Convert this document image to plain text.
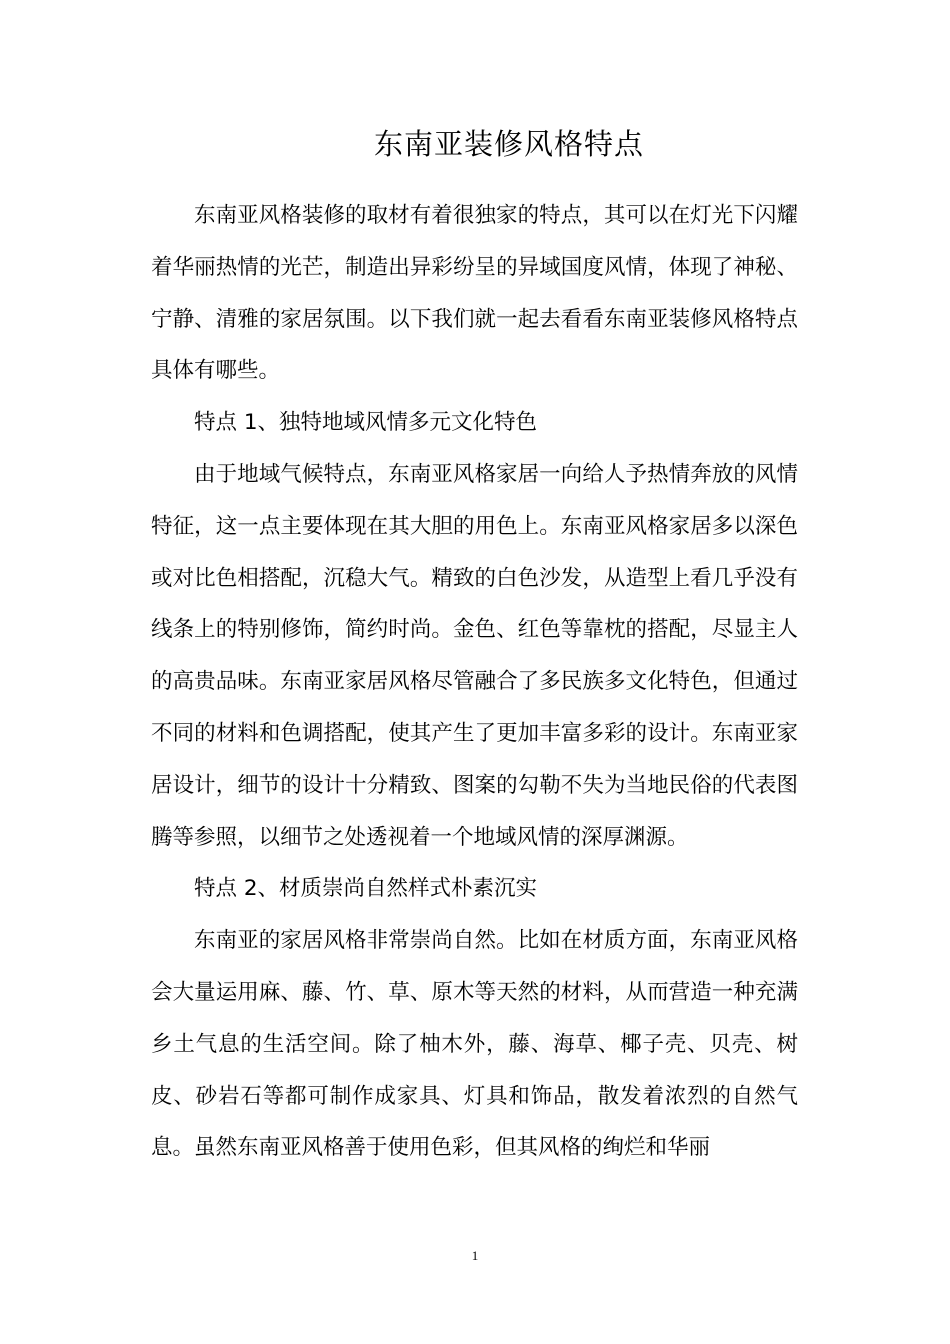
东南亚装修风格特点

东南亚风格装修的取材有着很独家的特点，其可以在灯光下闪耀着华丽热情的光芒，制造出异彩纷呈的异域国度风情，体现了神秘、宁静、清雅的家居氛围。以下我们就一起去看看东南亚装修风格特点具体有哪些。

特点 1、独特地域风情多元文化特色

由于地域气候特点，东南亚风格家居一向给人予热情奔放的风情特征，这一点主要体现在其大胆的用色上。东南亚风格家居多以深色或对比色相搭配，沉稳大气。精致的白色沙发，从造型上看几乎没有线条上的特别修饰，简约时尚。金色、红色等靠枕的搭配，尽显主人的高贵品味。东南亚家居风格尽管融合了多民族多文化特色，但通过不同的材料和色调搭配，使其产生了更加丰富多彩的设计。东南亚家居设计，细节的设计十分精致、图案的勾勒不失为当地民俗的代表图腾等参照，以细节之处透视着一个地域风情的深厚渊源。

特点 2、材质崇尚自然样式朴素沉实

东南亚的家居风格非常崇尚自然。比如在材质方面，东南亚风格会大量运用麻、藤、竹、草、原木等天然的材料，从而营造一种充满乡土气息的生活空间。除了柚木外，藤、海草、椰子壳、贝壳、树皮、砂岩石等都可制作成家具、灯具和饰品，散发着浓烈的自然气息。虽然东南亚风格善于使用色彩，但其风格的绚烂和华丽

1
